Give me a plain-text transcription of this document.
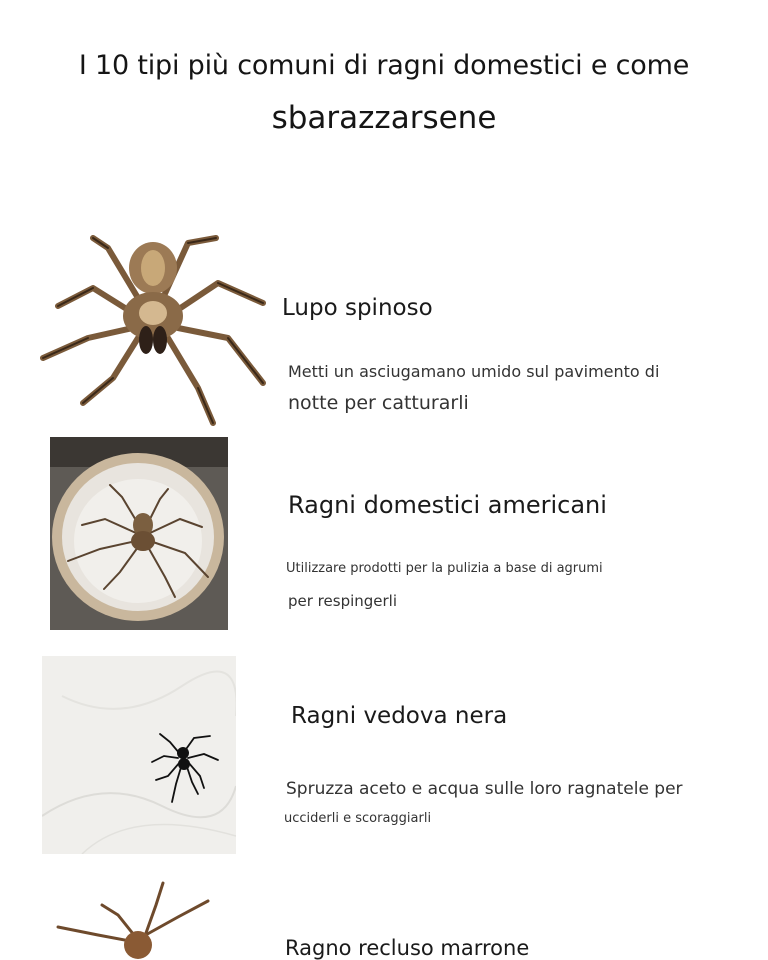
I 10 tipi più comuni di ragni domestici e come
sbarazzarsene
Lupo spinoso
Metti un asciugamano umido sul pavimento di
notte per catturarli
Ragni domestici americani
Utilizzare prodotti per la pulizia a base di agrumi
per respingerli
Ragni vedova nera
Spruzza aceto e acqua sulle loro ragnatele per
ucciderli e scoraggiarli
Ragno recluso marrone
